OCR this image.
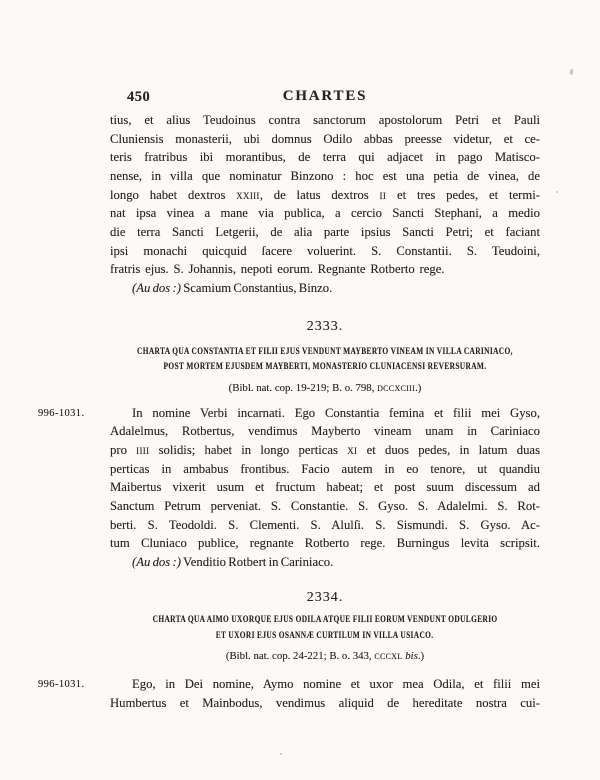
450	CHARTES
tius, et alius Teudoinus contra sanctorum apostolorum Petri et Pauli
Cluniensis monasterii, ubi domnus Odilo abbas preesse videtur, et ce-
teris fratribus ibi morantibus, de terra qui adjacet in pago Matisco-
nense, in villa que nominatur Binzono : hoc est una petia de vinea, de
longo habet dextros xxiii, de latus dextros ii et tres pedes, et termi-
nat ipsa vinea a mane via publica, a cercio Sancti Stephani, a medio
die terra Sancti Letgerii, de alia parte ipsius Sancti Petri; et faciant
ipsi monachi quicquid ſacere voluerint. S. Constantii. S. Teudoini,
fratris ejus. S. Johannis, nepoti eorum. Regnante Rotberto rege.
(Au dos :) Scamium Constantius, Binzo.
2333.
CHARTA QUA CONSTANTIA ET FILII EJUS VENDUNT MAYBERTO VINEAM IN VILLA CARINIACO,
POST MORTEM EJUSDEM MAYBERTI, MONASTERIO CLUNIACENSI REVERSURAM.
(Bibl. nat. cop. 19-219; B. o. 798, dccxciii.)
996-1031.	In nomine Verbi incarnati. Ego Constantia femina et filii mei Gyso,
Adalelmus, Rotbertus, vendimus Mayberto vineam unam in Cariniaco
pro iiii solidis; habet in longo perticas xi et duos pedes, in latum duas
perticas in ambabus frontibus. Facio autem in eo tenore, ut quandiu
Maibertus vixerit usum et fructum habeat; et post suum discessum ad
Sanctum Petrum perveniat. S. Constantie. S. Gyso. S. Adalelmi. S. Rot-
berti. S. Teodoldi. S. Clementi. S. Alulſi. S. Sismundi. S. Gyso. Ac-
tum Cluniaco publice, regnante Rotberto rege. Burningus levita scripsit.
(Au dos :) Venditio Rotbert in Cariniaco.
2334.
CHARTA QUA AIMO UXORQUE EJUS ODILA ATQUE FILII EORUM VENDUNT ODULGERIO
ET UXORI EJUS OSANNÆ CURTILUM IN VILLA USIACO.
(Bibl. nat. cop. 24-221; B. o. 343, cccxl bis.)
996-1031.	Ego, in Dei nomine, Aymo nomine et uxor mea Odila, et filii mei
Humbertus et Mainbodus, vendimus aliquid de hereditate nostra cui-
